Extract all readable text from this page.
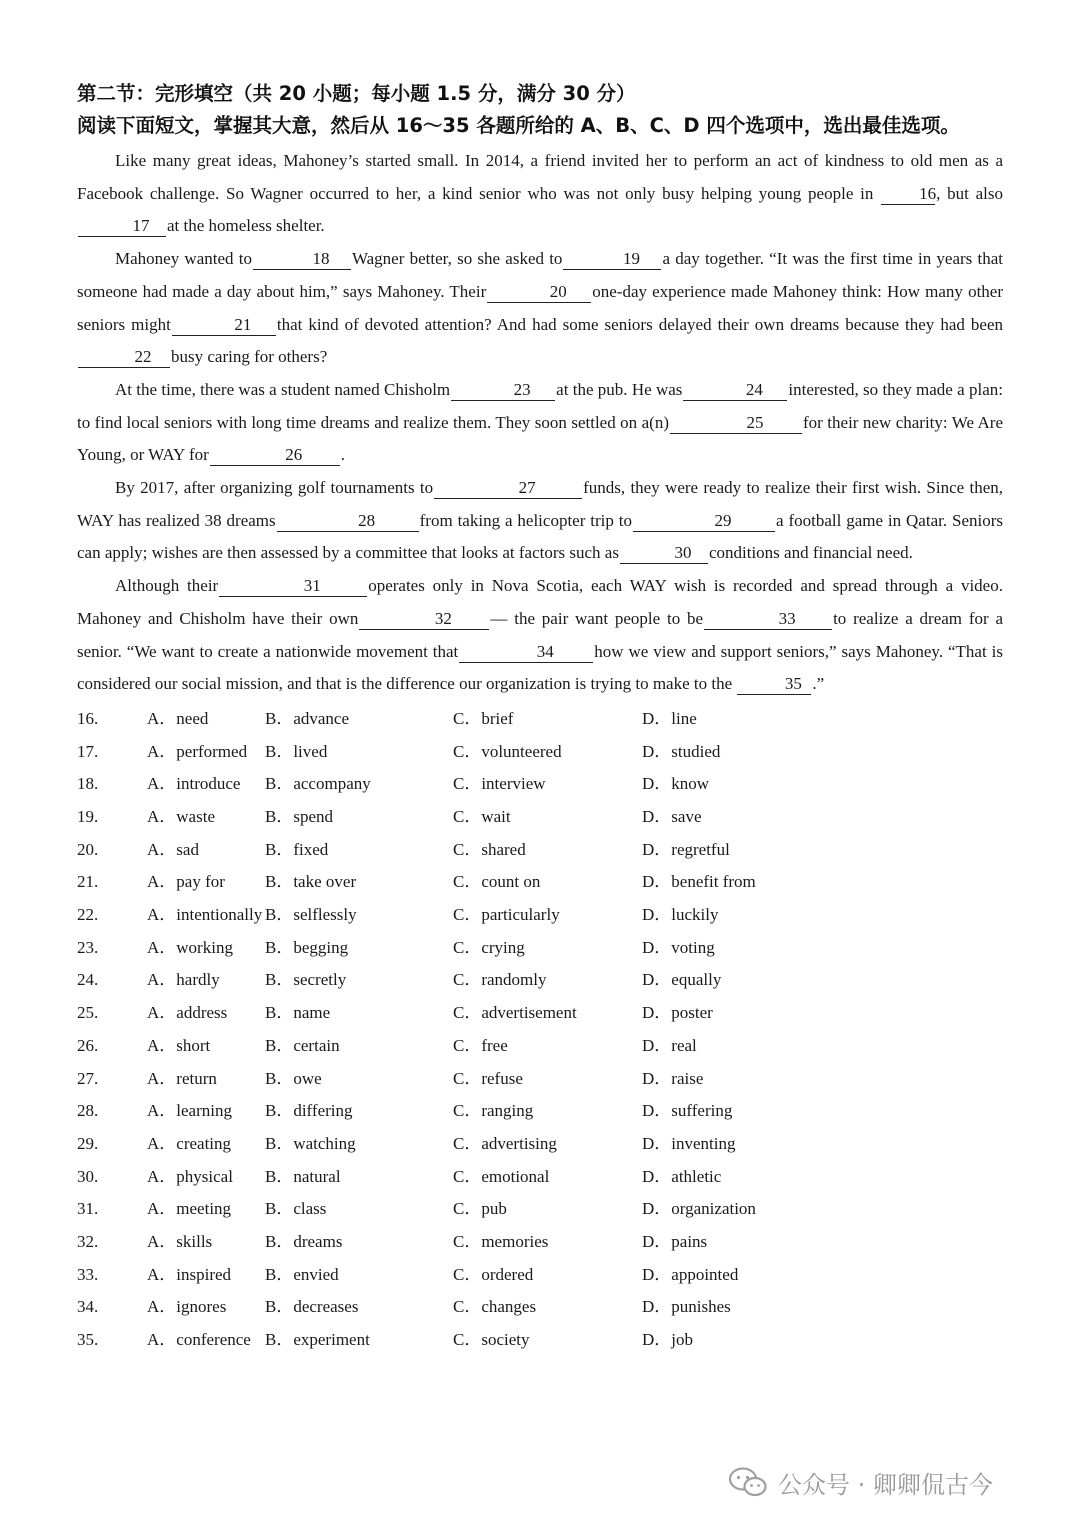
第二节：完形填空（共 20 小题；每小题 1.5 分，满分 30 分）
阅读下面短文，掌握其大意，然后从 16～35 各题所给的 A、B、C、D 四个选项中，选出最佳选项。

Like many great ideas, Mahoney’s started small. In 2014, a friend invited her to perform an act of kindness to old men as a Facebook challenge. So Wagner occurred to her, a kind senior who was not only busy helping young people in	16, but also 17 at the homeless shelter.

Mahoney wanted to	18 Wagner better, so she asked to	19 a day together. “It was the first time in years that someone had made a day about him,” says Mahoney. Their	20 one-day experience made Mahoney think: How many other seniors might	21 that kind of devoted attention? And had some seniors delayed their own dreams because they had been22 busy caring for others?

At the time, there was a student named Chisholm	23 at the pub. He was	24 interested, so they made a plan: to find local seniors with long time dreams and realize them. They soon settled on a(n)	25 for their new charity: We Are Young, or WAY for	26 .

By 2017, after organizing golf tournaments to	27	funds, they were ready to realize their first wish. Since then, WAY has realized 38 dreams	28	from taking a helicopter trip to	29	a football game in Qatar. Seniors can apply; wishes are then assessed by a committee that looks at factors such as	30 conditions and financial need.

Although their	31	operates only in Nova Scotia, each WAY wish is recorded and spread through a video. Mahoney and Chisholm have their own	32 — the pair want people to be	33 to realize a dream for a senior. “We want to create a nationwide movement that	34 how we view and support seniors,” says Mahoney. “That is considered our social mission, and that is the difference our organization is trying to make to the	35 .”

16.	A．need	B．advance	C．brief	D．line
17.	A．performed B．lived	C．volunteered	D．studied
18.	A．introduce B．accompany	C．interview	D．know
19.	A．waste	B．spend	C．wait	D．save
20.	A．sad	B．fixed	C．shared	D．regretful
21.	A．pay for B．take over	C．count on	D．benefit from
22.	A．intentionally B．selflessly	C．particularly	D．luckily
23.	A．working B．begging	C．crying	D．voting
24.	A．hardly	B．secretly	C．randomly	D．equally
25.	A．address B．name	C．advertisement	D．poster
26.	A．short	B．certain	C．free	D．real
27.	A．return	B．owe	C．refuse	D．raise
28.	A．learning B．differing	C．ranging	D．suffering
29.	A．creating B．watching	C．advertising	D．inventing
30.	A．physical B．natural	C．emotional	D．athletic
31.	A．meeting B．class	C．pub	D．organization
32.	A．skills	B．dreams	C．memories	D．pains
33.	A．inspired B．envied	C．ordered	D．appointed
34.	A．ignores B．decreases	C．changes	D．punishes
35.	A．conference B．experiment	C．society	D．job
公众号 · 卿卿侃古今
